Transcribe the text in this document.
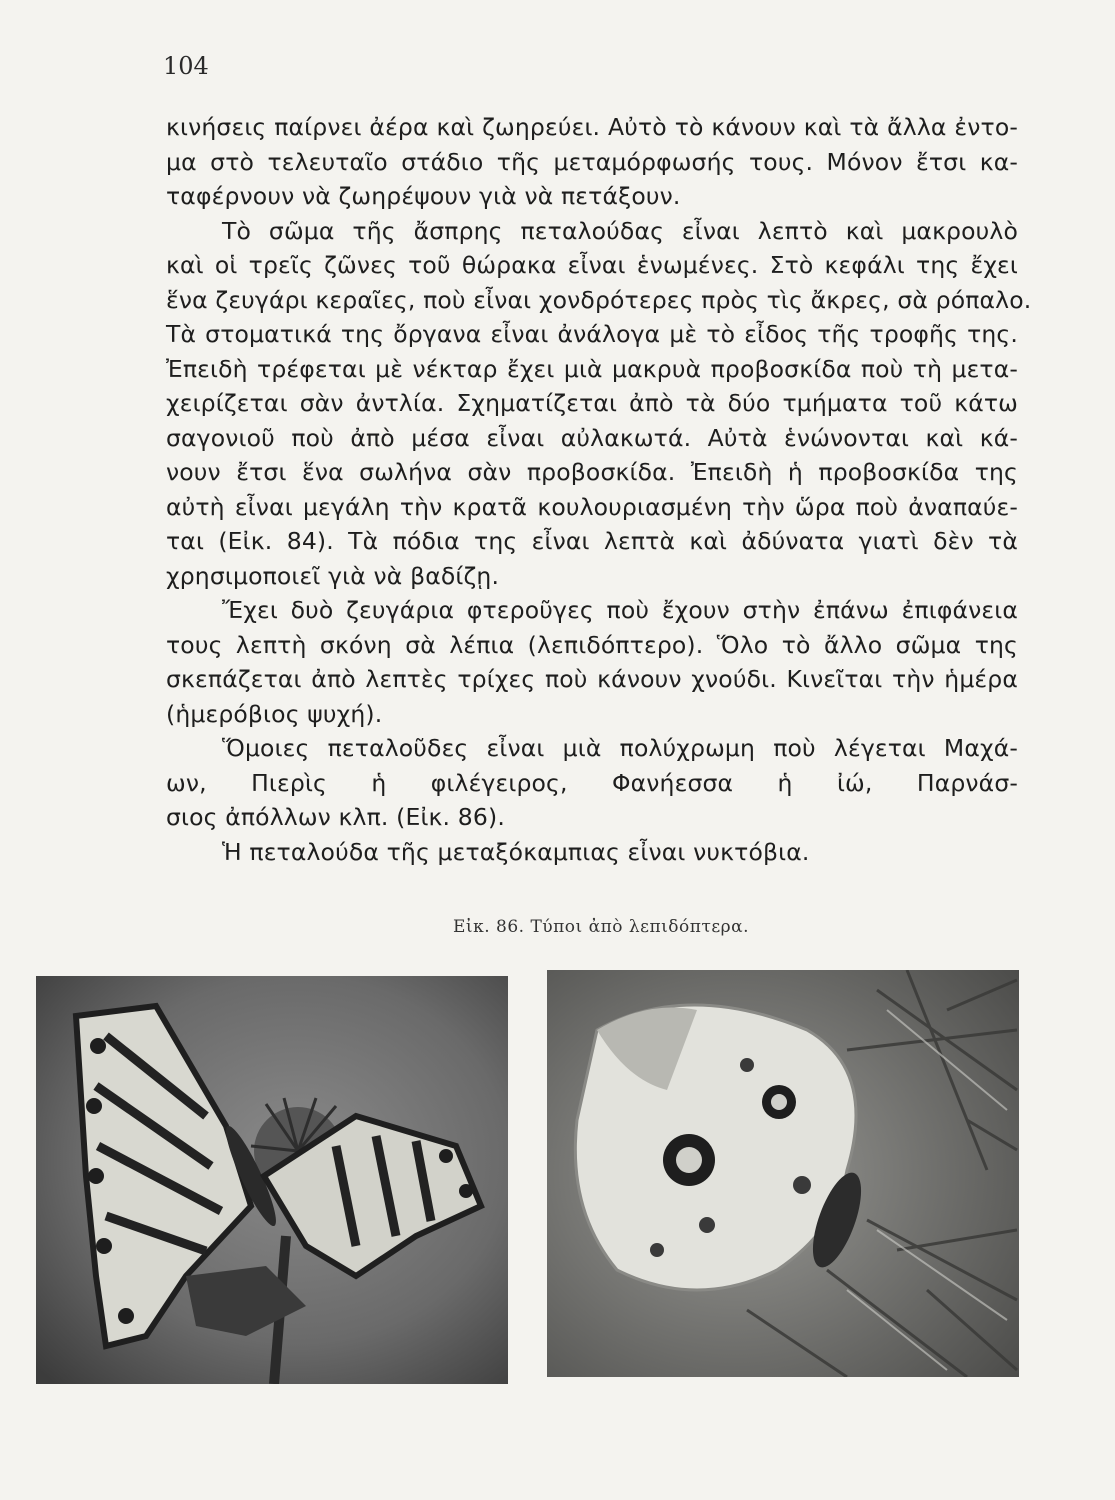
104
κινήσεις παίρνει ἀέρα καὶ ζωηρεύει. Αὐτὸ τὸ κάνουν καὶ τὰ ἄλλα ἐντο-
μα στὸ τελευταῖο στάδιο τῆς μεταμόρφωσής τους. Μόνον ἔτσι κα-
ταφέρνουν νὰ ζωηρέψουν γιὰ νὰ πετάξουν.
Τὸ σῶμα τῆς ἄσπρης πεταλούδας εἶναι λεπτὸ καὶ μακρουλὸ
καὶ οἱ τρεῖς ζῶνες τοῦ θώρακα εἶναι ἑνωμένες. Στὸ κεφάλι της ἔχει
ἕνα ζευγάρι κεραῖες, ποὺ εἶναι χονδρότερες πρὸς τὶς ἄκρες, σὰ ρόπαλο.
Τὰ στοματικά της ὄργανα εἶναι ἀνάλογα μὲ τὸ εἶδος τῆς τροφῆς της.
Ἐπειδὴ τρέφεται μὲ νέκταρ ἔχει μιὰ μακρυὰ προβοσκίδα ποὺ τὴ μετα-
χειρίζεται σὰν ἀντλία. Σχηματίζεται ἀπὸ τὰ δύο τμήματα τοῦ κάτω
σαγονιοῦ ποὺ ἀπὸ μέσα εἶναι αὐλακωτά. Αὐτὰ ἑνώνονται καὶ κά-
νουν ἔτσι ἕνα σωλήνα σὰν προβοσκίδα. Ἐπειδὴ ἡ προβοσκίδα της
αὐτὴ εἶναι μεγάλη τὴν κρατᾶ κουλουριασμένη τὴν ὥρα ποὺ ἀναπαύε-
ται (Εἰκ. 84). Τὰ πόδια της εἶναι λεπτὰ καὶ ἀδύνατα γιατὶ δὲν τὰ
χρησιμοποιεῖ γιὰ νὰ βαδίζῃ.
Ἔχει δυὸ ζευγάρια φτεροῦγες ποὺ ἔχουν στὴν ἐπάνω ἐπιφάνεια
τους λεπτὴ σκόνη σὰ λέπια (λεπιδόπτερο). Ὅλο τὸ ἄλλο σῶμα της
σκεπάζεται ἀπὸ λεπτὲς τρίχες ποὺ κάνουν χνούδι. Κινεῖται τὴν ἡμέρα
(ἡμερόβιος ψυχή).
Ὅμοιες πεταλοῦδες εἶναι μιὰ πολύχρωμη ποὺ λέγεται Μαχά-
ων, Πιερὶς ἡ φιλέγειρος, Φανήεσσα ἡ ἰώ, Παρνάσ-
σιος ἀπόλλων κλπ. (Εἰκ. 86).
Ἡ πεταλούδα τῆς μεταξόκαμπιας εἶναι νυκτόβια.
Εἰκ. 86. Τύποι ἀπὸ λεπιδόπτερα.
